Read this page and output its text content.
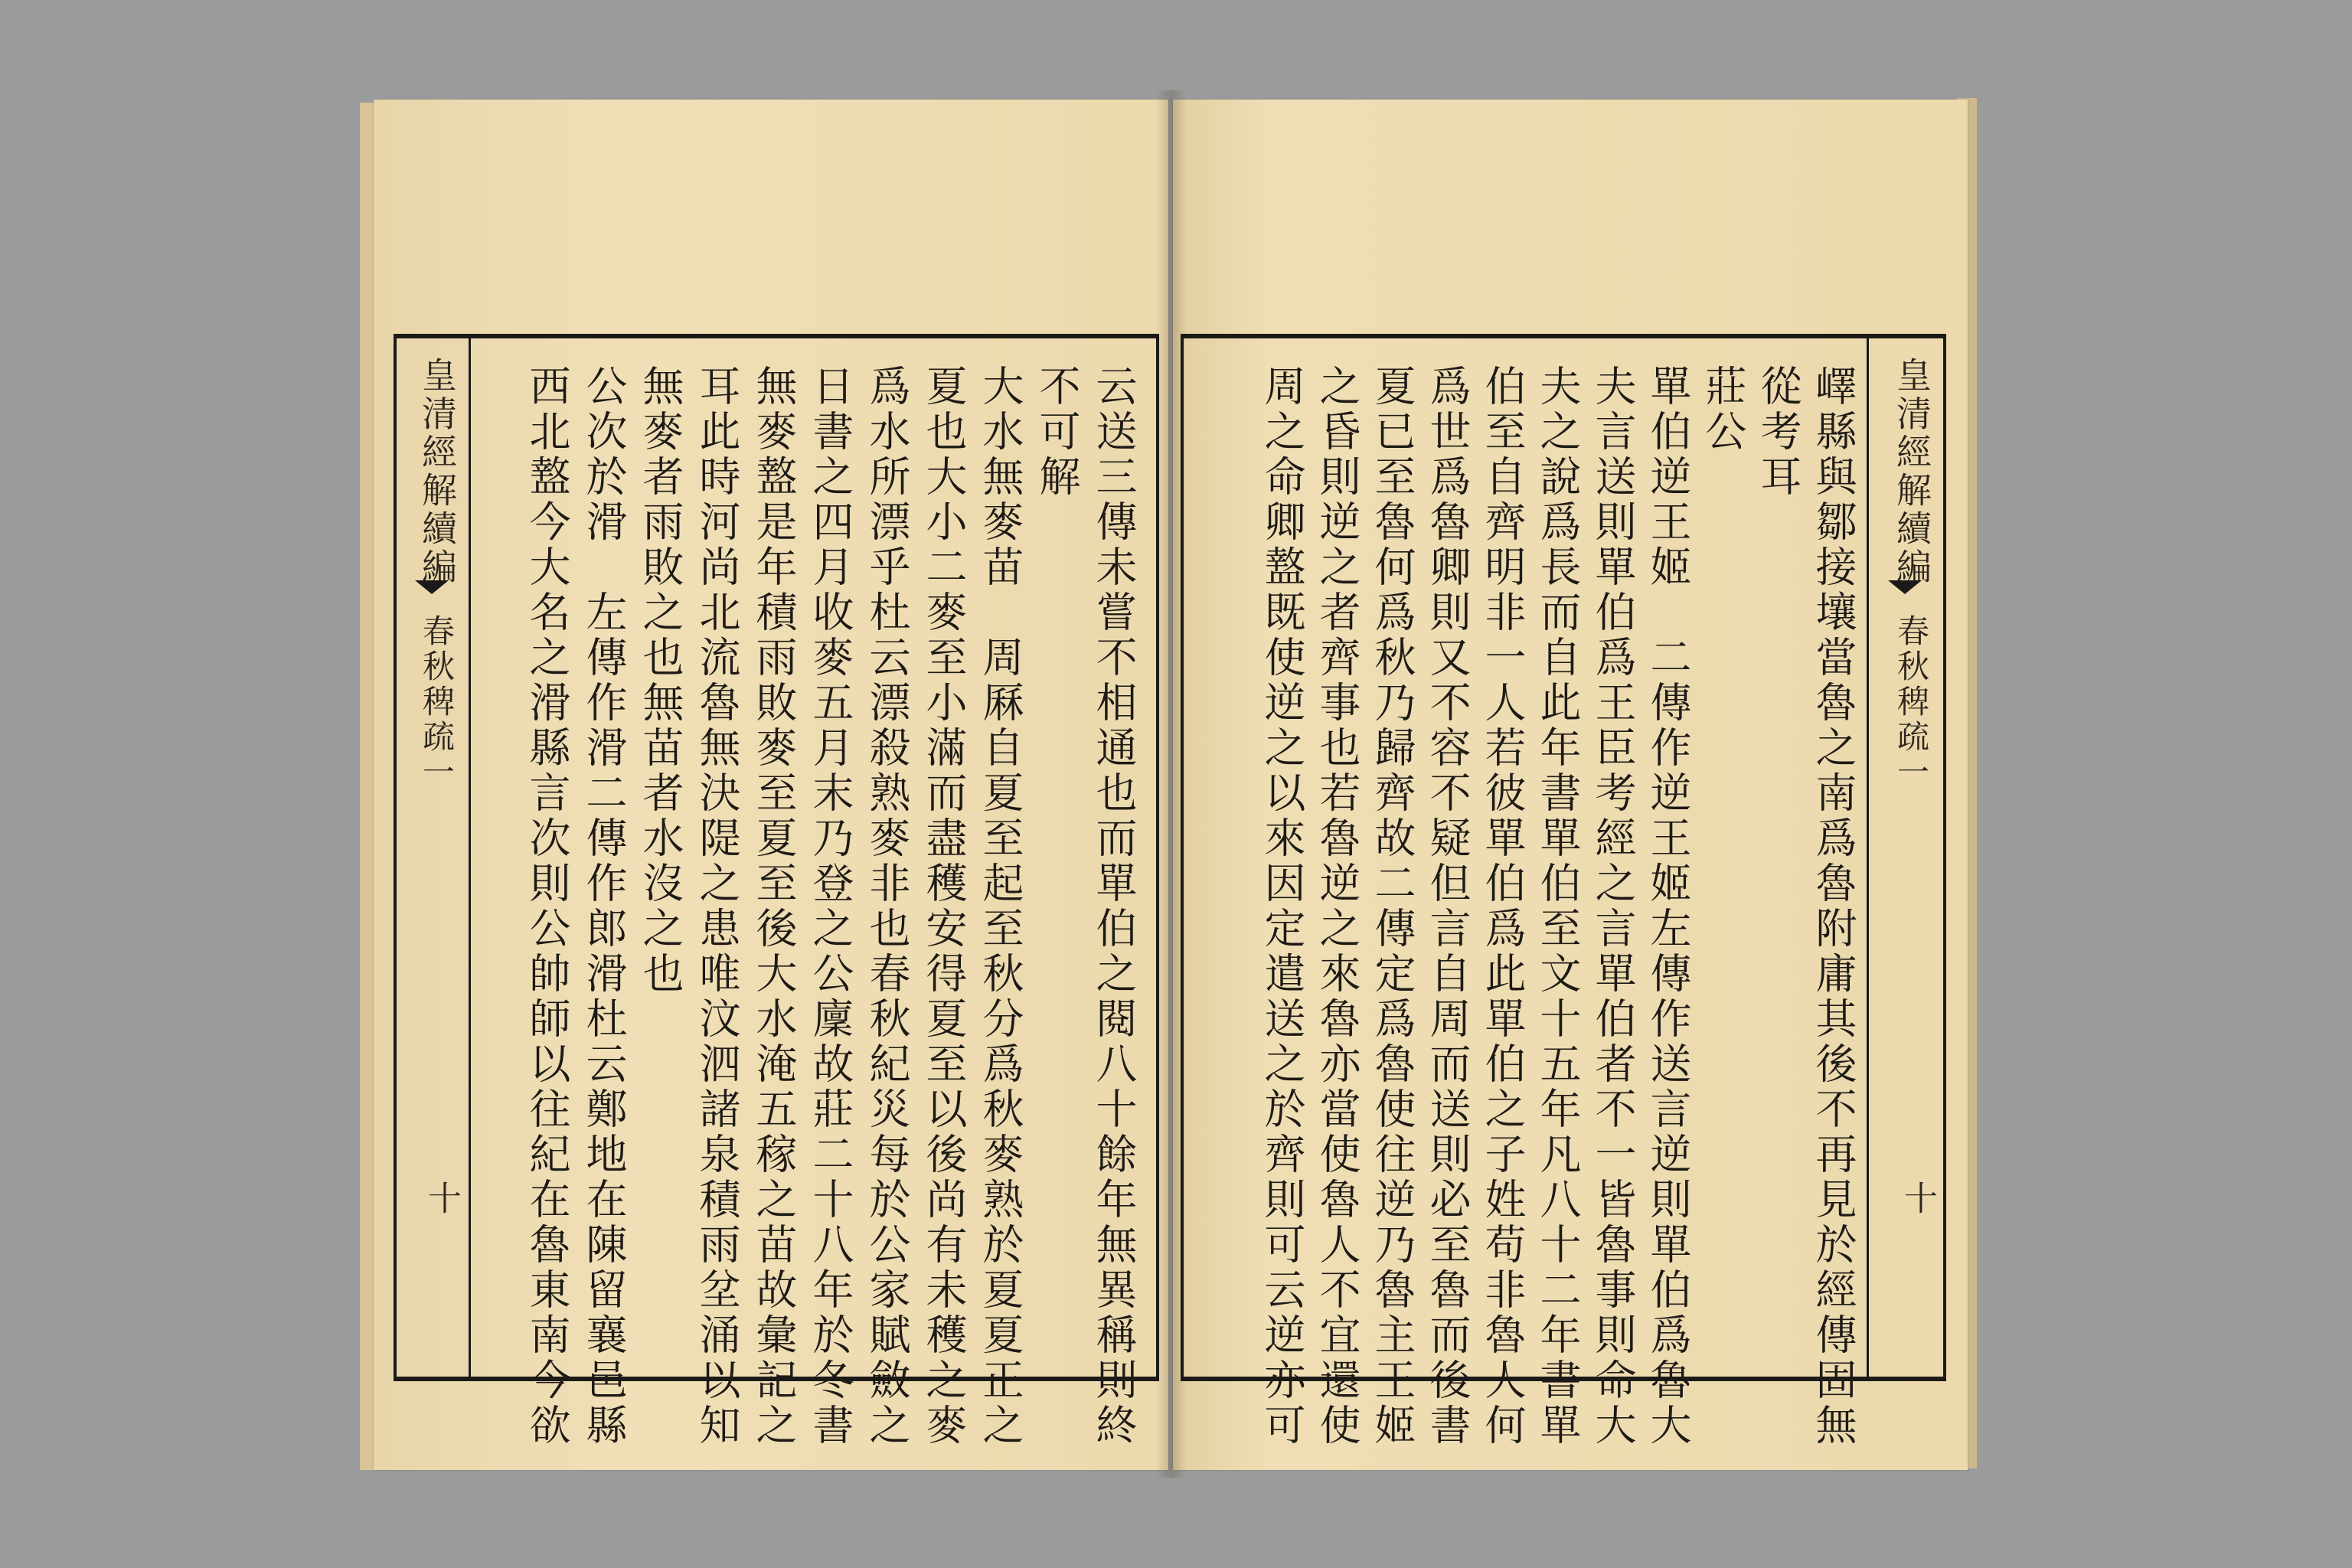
云送三傳未嘗不相通也而單伯之閱八十餘年無異稱則終
不可解
大水無麥苗　周厤自夏至起至秋分爲秋麥熟於夏夏正之
夏也大小二麥至小滿而盡穫安得夏至以後尚有未穫之麥
爲水所漂乎杜云漂殺熟麥非也春秋紀災每於公家賦斂之
日書之四月收麥五月末乃登之公廩故莊二十八年於冬書
無麥盩是年積雨敗麥至夏至後大水淹五稼之苗故彙記之
耳此時河尚北流魯無決隄之患唯汶泗諸泉積雨坌涌以知
無麥者雨敗之也無苗者水沒之也
公次於滑　左傳作滑二傳作郎滑杜云鄭地在陳留襄邑縣
西北盩今大名之滑縣言次則公帥師以往紀在魯東南今欲
皇清經解續編
春秋稗疏一
十	嶧縣與鄒接壤當魯之南爲魯附庸其後不再見於經傳固無
從考耳
莊公
單伯逆王姬　二傳作逆王姬左傳作送言逆則單伯爲魯大
夫言送則單伯爲王臣考經之言單伯者不一皆魯事則命大
夫之說爲長而自此年書單伯至文十五年凡八十二年書單
伯至自齊明非一人若彼單伯爲此單伯之子姓苟非魯人何
爲世爲魯卿則又不容不疑但言自周而送則必至魯而後書
夏已至魯何爲秋乃歸齊故二傳定爲魯使往逆乃魯主王姬
之昏則逆之者齊事也若魯逆之來魯亦當使魯人不宜還使
周之命卿盩既使逆之以來因定遣送之於齊則可云逆亦可	皇清經解續編
春秋稗疏一
十
